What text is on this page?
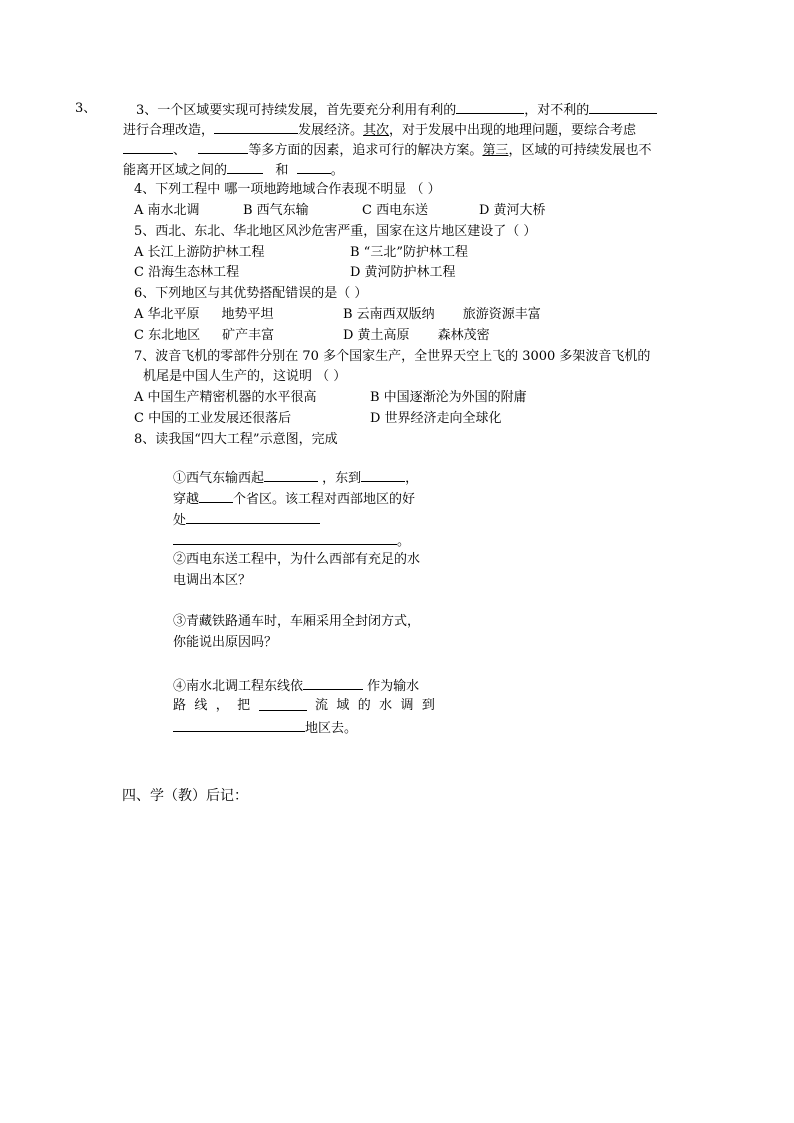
3、	3、一个区域要实现可持续发展，首先要充分利用有利的	，对不利的
进行合理改造，	发展经济。其次，对于发展中出现的地理问题，要综合考虑
、	等多方面的因素，追求可行的解决方案。第三，区域的可持续发展也不
能离开区域之间的	和	。
4、下列工程中 哪一项地跨地域合作表现不明显 （ ）
A 南水北调	B 西气东输	C 西电东送	D 黄河大桥
5、西北、东北、华北地区风沙危害严重，国家在这片地区建设了（ ）
A 长江上游防护林工程	B “三北”防护林工程
C 沿海生态林工程	D 黄河防护林工程
6、下列地区与其优势搭配错误的是（ ）
A 华北平原 地势平坦	B 云南西双版纳 旅游资源丰富
C 东北地区 矿产丰富	D 黄土高原 森林茂密
7、波音飞机的零部件分别在 70 多个国家生产，全世界天空上飞的 3000 多架波音飞机的
机尾是中国人生产的，这说明 （ ）
A 中国生产精密机器的水平很高	B 中国逐渐沦为外国的附庸
C 中国的工业发展还很落后	D 世界经济走向全球化
8、读我国“四大工程”示意图，完成
①西气东输西起	，东到	，
穿越	个省区。该工程对西部地区的好
处
。
②西电东送工程中，为什么西部有充足的水
电调出本区？
③青藏铁路通车时，车厢采用全封闭方式，
你能说出原因吗？
④南水北调工程东线依	作为输水
路 线 ， 把	流 域 的 水 调 到
地区去。
四、学（教）后记：
